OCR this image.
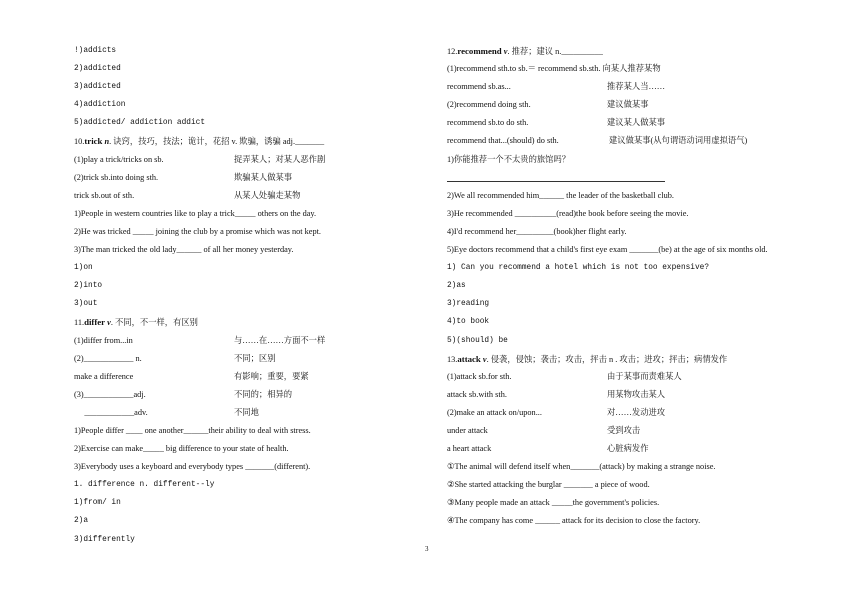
!)addicts
2)addicted
3)addicted
4)addiction
5)addicted/ addiction addict
10.trick n. 诀窍，技巧，技法；诡计，花招 v. 欺骗，诱骗 adj._______
(1)play a trick/tricks on sb.	捉弄某人；对某人恶作剧
(2)trick sb.into doing sth.	欺骗某人做某事
trick sb.out of sth.	从某人处骗走某物
1)People in western countries like to play a trick_____ others on the day.
2)He was tricked _____ joining the club by a promise which was not kept.
3)The man tricked the old lady______ of all her money yesterday.
1)on
2)into
3)out
11.differ v. 不同，不一样，有区别
(1)differ from...in	与……在……方面不一样
(2)____________ n.	不同；区别
make a difference	有影响；重要，要紧
(3)____________adj.	不同的；相异的
____________adv.	不同地
1)People differ ____ one another______their ability to deal with stress.
2)Exercise can make_____ big difference to your state of health.
3)Everybody uses a keyboard and everybody types _______(different).
1. difference n. different--ly
1)from/ in
2)a
3)differently
12.recommend v. 推荐；建议 n.__________
(1)recommend sth.to sb.＝ recommend sb.sth. 向某人推荐某物
recommend sb.as...	推荐某人当……
(2)recommend doing sth.	建议做某事
recommend sb.to do sth.	建议某人做某事
recommend that...(should) do sth.	建议做某事(从句谓语动词用虚拟语气)
1)你能推荐一个不太贵的旅馆吗？
2)We all recommended him______ the leader of the basketball club.
3)He recommended __________(read)the book before seeing the movie.
4)I'd recommend her_________(book)her flight early.
5)Eye doctors recommend that a child's first eye exam _______(be) at the age of six months old.
1) Can you recommend a hotel which is not too expensive?
2)as
3)reading
4)to book
5)(should) be
13.attack v. 侵袭，侵蚀；袭击；攻击，抨击 n . 攻击；进攻；抨击；病情发作
(1)attack sb.for sth.	由于某事而责难某人
attack sb.with sth.	用某物攻击某人
(2)make an attack on/upon...	对……发动进攻
under attack	受到攻击
a heart attack	心脏病发作
①The animal will defend itself when_______(attack) by making a strange noise.
②She started attacking the burglar _______ a piece of wood.
③Many people made an attack _____the government's policies.
④The company has come ______ attack for its decision to close the factory.
3
